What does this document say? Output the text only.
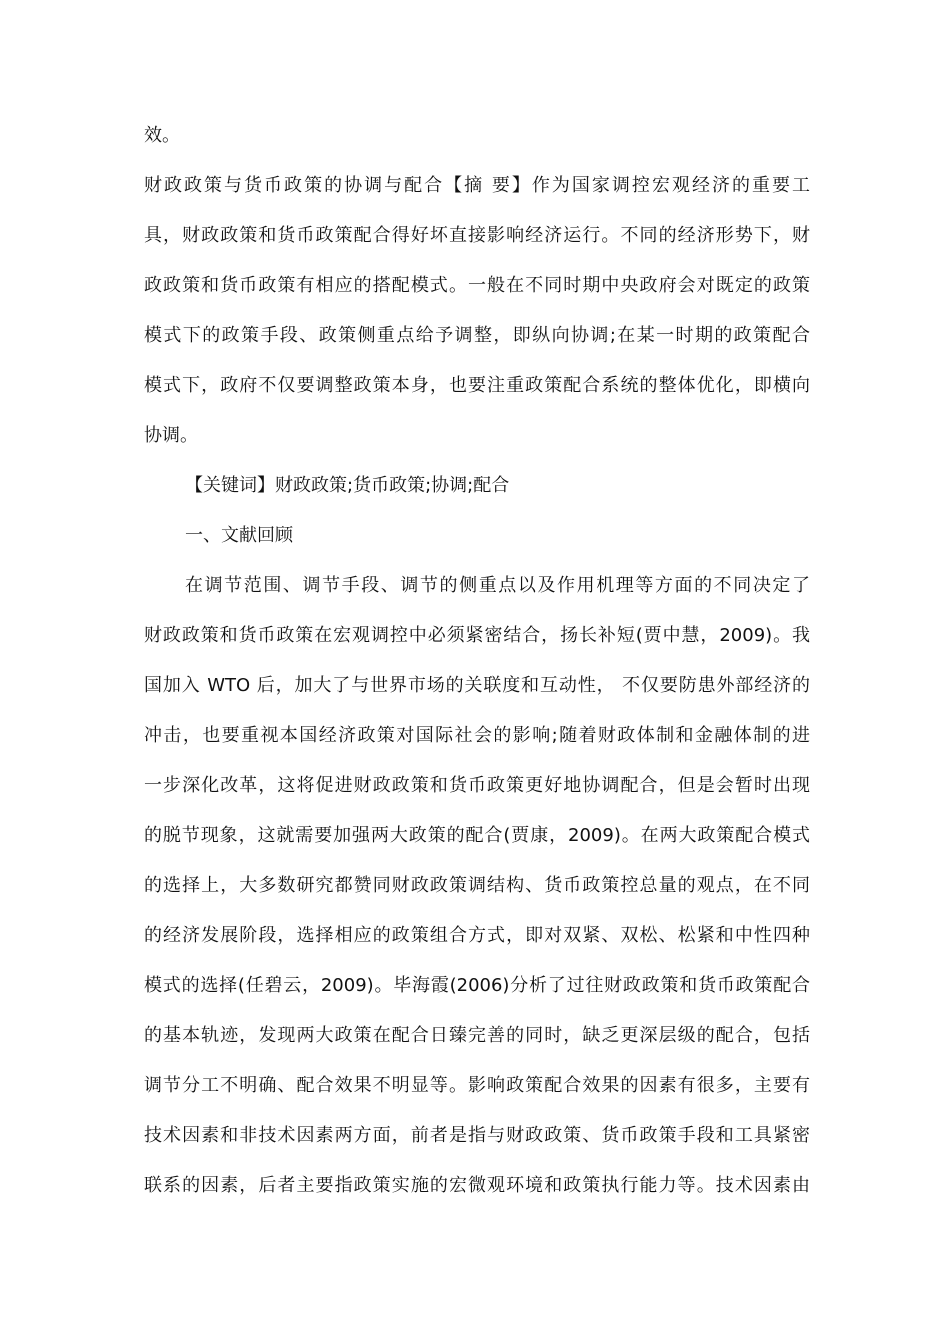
效。
财政政策与货币政策的协调与配合【摘 要】作为国家调控宏观经济的重要工
具，财政政策和货币政策配合得好坏直接影响经济运行。不同的经济形势下，财
政政策和货币政策有相应的搭配模式。一般在不同时期中央政府会对既定的政策
模式下的政策手段、政策侧重点给予调整，即纵向协调;在某一时期的政策配合
模式下，政府不仅要调整政策本身，也要注重政策配合系统的整体优化，即横向
协调。
【关键词】财政政策;货币政策;协调;配合
一、文献回顾
在调节范围、调节手段、调节的侧重点以及作用机理等方面的不同决定了
财政政策和货币政策在宏观调控中必须紧密结合，扬长补短(贾中慧，2009)。我
国加入 WTO 后，加大了与世界市场的关联度和互动性， 不仅要防患外部经济的
冲击，也要重视本国经济政策对国际社会的影响;随着财政体制和金融体制的进
一步深化改革，这将促进财政政策和货币政策更好地协调配合，但是会暂时出现
的脱节现象，这就需要加强两大政策的配合(贾康，2009)。在两大政策配合模式
的选择上，大多数研究都赞同财政政策调结构、货币政策控总量的观点，在不同
的经济发展阶段，选择相应的政策组合方式，即对双紧、双松、松紧和中性四种
模式的选择(任碧云，2009)。毕海霞(2006)分析了过往财政政策和货币政策配合
的基本轨迹，发现两大政策在配合日臻完善的同时，缺乏更深层级的配合，包括
调节分工不明确、配合效果不明显等。影响政策配合效果的因素有很多，主要有
技术因素和非技术因素两方面，前者是指与财政政策、货币政策手段和工具紧密
联系的因素，后者主要指政策实施的宏微观环境和政策执行能力等。技术因素由
